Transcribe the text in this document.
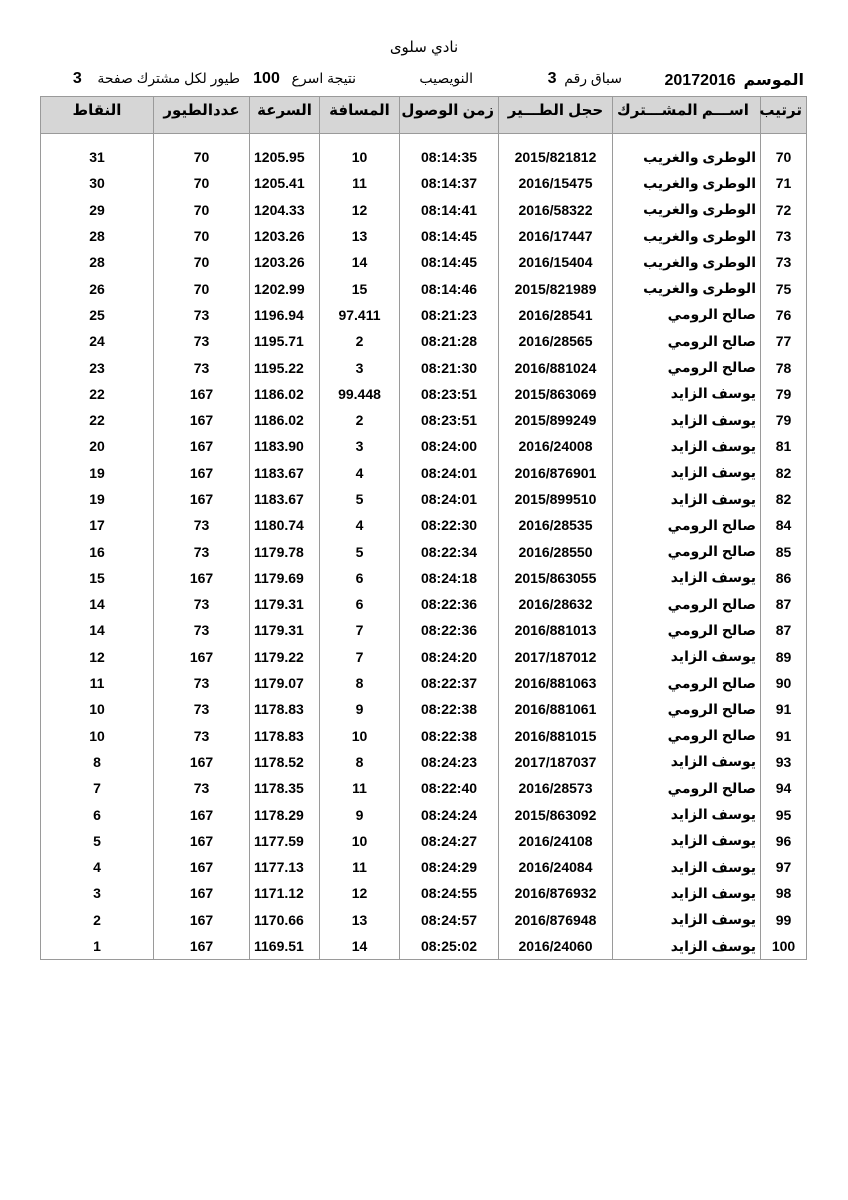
نادي سلوى
الموسم  20172016
سباق رقم  3
النويصيب
نتيجة اسرع   100
طيور لكل مشترك صفحة    3
ترتيب	اســـم المشـــترك	حجل الطـــير	زمن الوصول	المسافة	السرعة	عددالطيور	النقاط

70	الوطرى والغريب	2015/821812	08:14:35	10	1205.95	70	31
71	الوطرى والغريب	2016/15475	08:14:37	11	1205.41	70	30
72	الوطرى والغريب	2016/58322	08:14:41	12	1204.33	70	29
73	الوطرى والغريب	2016/17447	08:14:45	13	1203.26	70	28
73	الوطرى والغريب	2016/15404	08:14:45	14	1203.26	70	28
75	الوطرى والغريب	2015/821989	08:14:46	15	1202.99	70	26
76	صالح الرومي	2016/28541	08:21:23	97.411	1196.94	73	25
77	صالح الرومي	2016/28565	08:21:28	2	1195.71	73	24
78	صالح الرومي	2016/881024	08:21:30	3	1195.22	73	23
79	يوسف الزايد	2015/863069	08:23:51	99.448	1186.02	167	22
79	يوسف الزايد	2015/899249	08:23:51	2	1186.02	167	22
81	يوسف الزايد	2016/24008	08:24:00	3	1183.90	167	20
82	يوسف الزايد	2016/876901	08:24:01	4	1183.67	167	19
82	يوسف الزايد	2015/899510	08:24:01	5	1183.67	167	19
84	صالح الرومي	2016/28535	08:22:30	4	1180.74	73	17
85	صالح الرومي	2016/28550	08:22:34	5	1179.78	73	16
86	يوسف الزايد	2015/863055	08:24:18	6	1179.69	167	15
87	صالح الرومي	2016/28632	08:22:36	6	1179.31	73	14
87	صالح الرومي	2016/881013	08:22:36	7	1179.31	73	14
89	يوسف الزايد	2017/187012	08:24:20	7	1179.22	167	12
90	صالح الرومي	2016/881063	08:22:37	8	1179.07	73	11
91	صالح الرومي	2016/881061	08:22:38	9	1178.83	73	10
91	صالح الرومي	2016/881015	08:22:38	10	1178.83	73	10
93	يوسف الزايد	2017/187037	08:24:23	8	1178.52	167	8
94	صالح الرومي	2016/28573	08:22:40	11	1178.35	73	7
95	يوسف الزايد	2015/863092	08:24:24	9	1178.29	167	6
96	يوسف الزايد	2016/24108	08:24:27	10	1177.59	167	5
97	يوسف الزايد	2016/24084	08:24:29	11	1177.13	167	4
98	يوسف الزايد	2016/876932	08:24:55	12	1171.12	167	3
99	يوسف الزايد	2016/876948	08:24:57	13	1170.66	167	2
100	يوسف الزايد	2016/24060	08:25:02	14	1169.51	167	1
